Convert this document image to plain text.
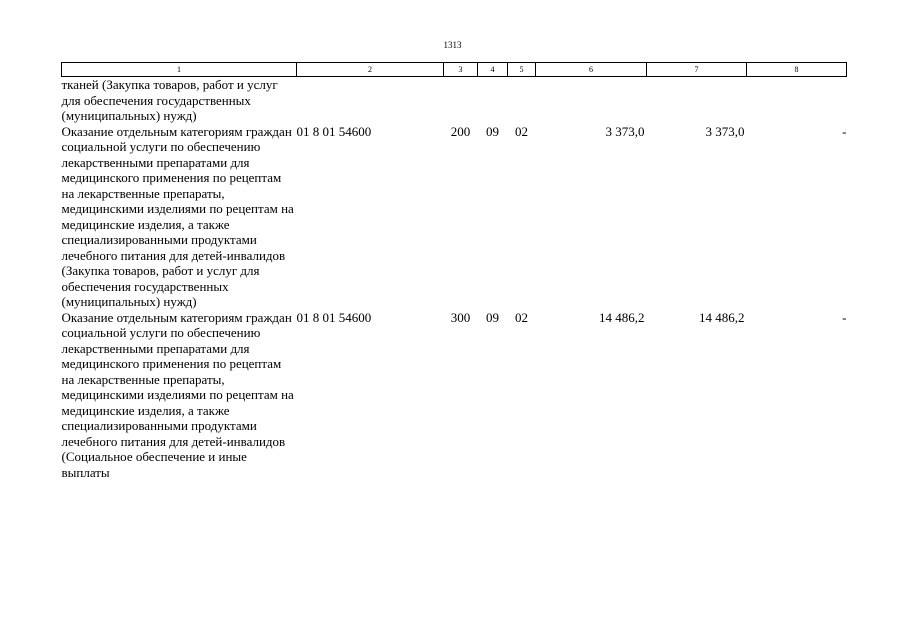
1313
1	2	3	4	5	6	7	8
тканей (Закупка товаров, работ и услуг для обеспечения государственных (муниципальных) нужд)							
Оказание отдельным категориям граждан социальной услуги по обеспечению лекарственными препаратами для медицинского применения по рецептам на лекарственные препараты, медицинскими изделиями по рецептам на медицинские изделия, а также специализированными продуктами лечебного питания для детей-инвалидов (Закупка товаров, работ и услуг для обеспечения государственных (муниципальных) нужд)	01 8 01 54600	200	09	02	3 373,0	3 373,0	-
Оказание отдельным категориям граждан социальной услуги по обеспечению лекарственными препаратами для медицинского применения по рецептам на лекарственные препараты, медицинскими изделиями по рецептам на медицинские изделия, а также специализированными продуктами лечебного питания для детей-инвалидов (Социальное обеспечение и иные выплаты	01 8 01 54600	300	09	02	14 486,2	14 486,2	-
